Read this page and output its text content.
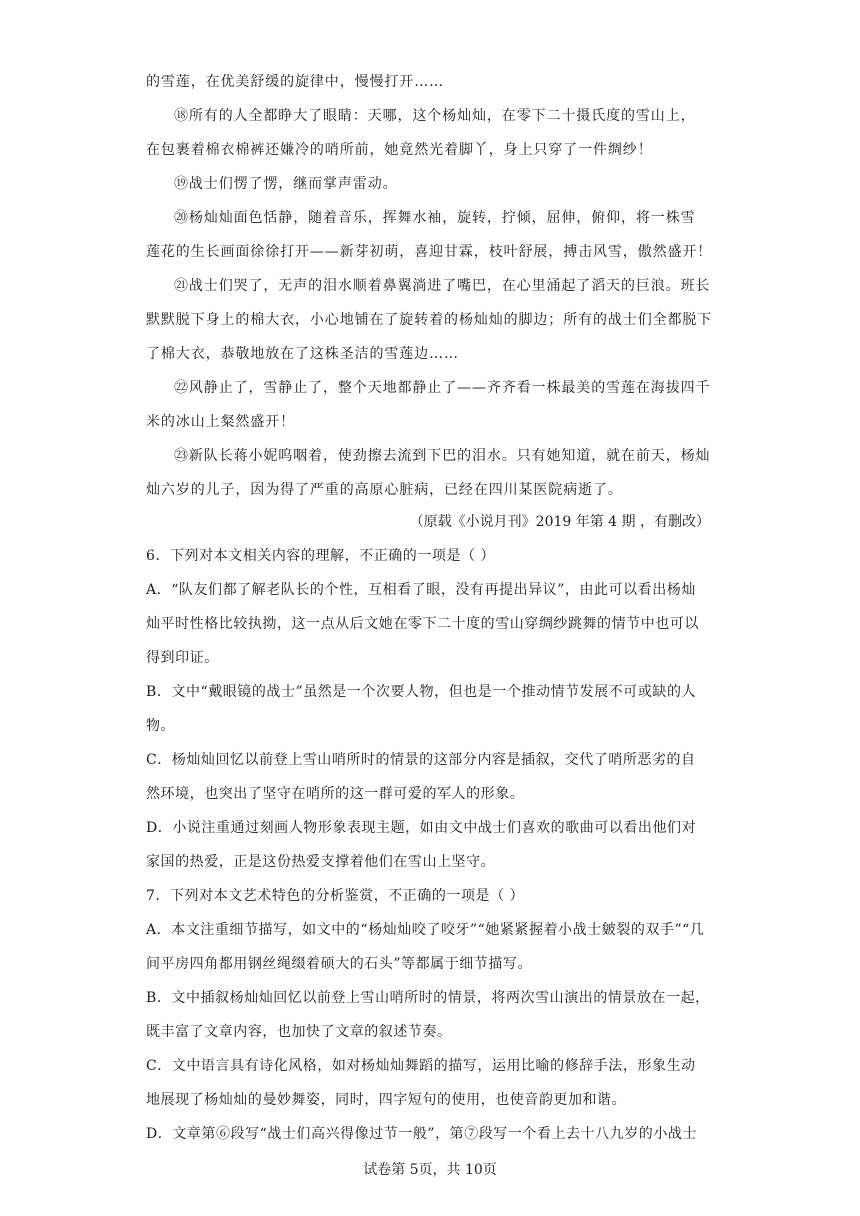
的雪莲，在优美舒缓的旋律中，慢慢打开……
⑱所有的人全都睁大了眼睛：天哪，这个杨灿灿，在零下二十摄氏度的雪山上，
在包裹着棉衣棉裤还嫌冷的哨所前，她竟然光着脚丫，身上只穿了一件绸纱！
⑲战士们愣了愣，继而掌声雷动。
⑳杨灿灿面色恬静，随着音乐，挥舞水袖，旋转，拧倾，屈伸，俯仰，将一株雪
莲花的生长画面徐徐打开——新芽初萌，喜迎甘霖，枝叶舒展，搏击风雪，傲然盛开！
㉑战士们哭了，无声的泪水顺着鼻翼淌进了嘴巴，在心里涌起了滔天的巨浪。班长
默默脱下身上的棉大衣，小心地铺在了旋转着的杨灿灿的脚边；所有的战士们全都脱下
了棉大衣，恭敬地放在了这株圣洁的雪莲边……
㉒风静止了，雪静止了，整个天地都静止了——齐齐看一株最美的雪莲在海拔四千
米的冰山上粲然盛开！
㉓新队长蒋小妮呜咽着，使劲擦去流到下巴的泪水。只有她知道，就在前天，杨灿
灿六岁的儿子，因为得了严重的高原心脏病，已经在四川某医院病逝了。
（原载《小说月刊》2019 年第 4 期 ，有删改）
6．下列对本文相关内容的理解，不正确的一项是（ ）
A．“队友们都了解老队长的个性，互相看了眼，没有再提出异议”，由此可以看出杨灿
灿平时性格比较执拗，这一点从后文她在零下二十度的雪山穿绸纱跳舞的情节中也可以
得到印证。
B．文中“戴眼镜的战士”虽然是一个次要人物，但也是一个推动情节发展不可或缺的人
物。
C．杨灿灿回忆以前登上雪山哨所时的情景的这部分内容是插叙，交代了哨所恶劣的自
然环境，也突出了坚守在哨所的这一群可爱的军人的形象。
D．小说注重通过刻画人物形象表现主题，如由文中战士们喜欢的歌曲可以看出他们对
家国的热爱，正是这份热爱支撑着他们在雪山上坚守。
7．下列对本文艺术特色的分析鉴赏，不正确的一项是（ ）
A．本文注重细节描写，如文中的“杨灿灿咬了咬牙”“她紧紧握着小战士皴裂的双手”“几
间平房四角都用钢丝绳缀着硕大的石头”等都属于细节描写。
B．文中插叙杨灿灿回忆以前登上雪山哨所时的情景，将两次雪山演出的情景放在一起，
既丰富了文章内容，也加快了文章的叙述节奏。
C．文中语言具有诗化风格，如对杨灿灿舞蹈的描写，运用比喻的修辞手法，形象生动
地展现了杨灿灿的曼妙舞姿，同时，四字短句的使用，也使音韵更加和谐。
D．文章第⑥段写“战士们高兴得像过节一般”，第⑦段写一个看上去十八九岁的小战士
试卷第 5页，共 10页
